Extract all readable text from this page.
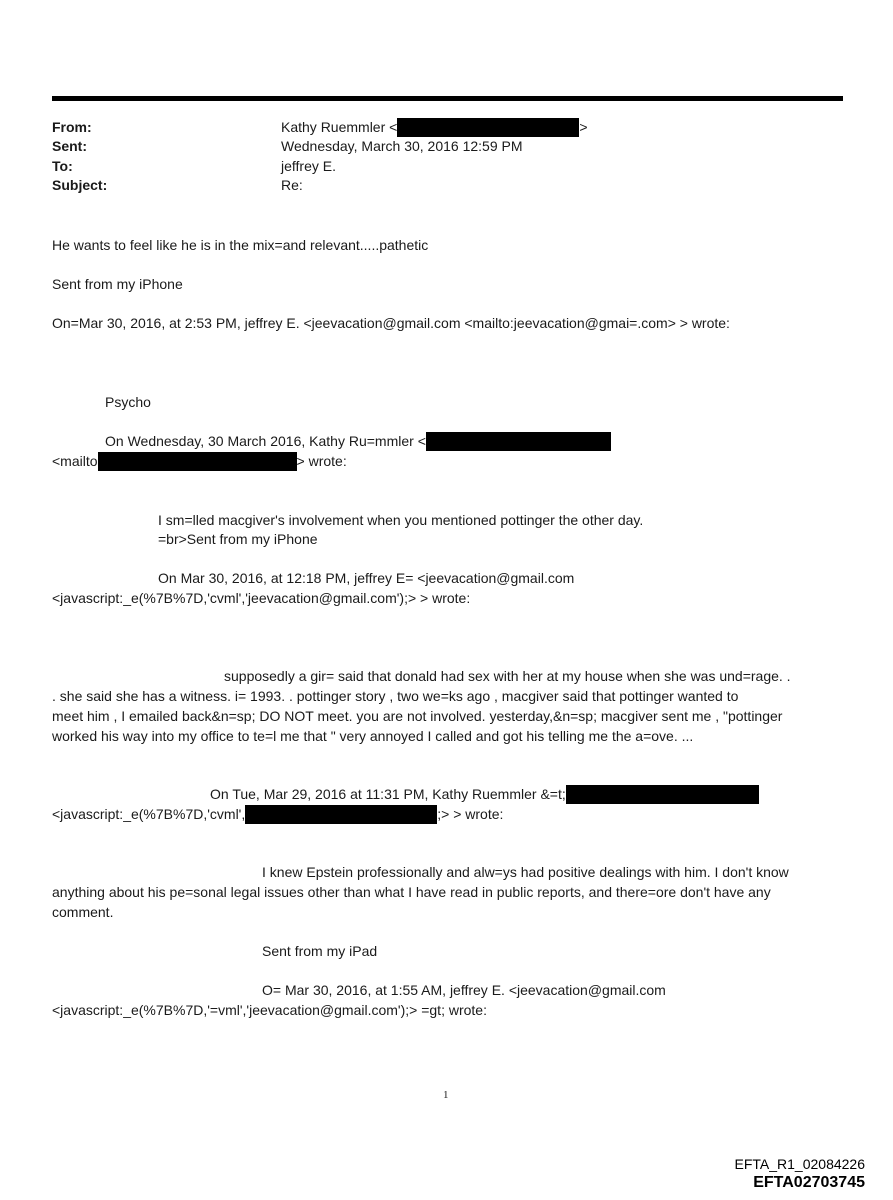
From:	Kathy Ruemmler <	>
Sent:	Wednesday, March 30, 2016 12:59 PM
To:	jeffrey E.
Subject:	Re:
He wants to feel like he is in the mix=and relevant.....pathetic
Sent from my iPhone
On=Mar 30, 2016, at 2:53 PM, jeffrey E. <jeevacation@gmail.com <mailto:jeevacation@gmai=.com> > wrote:
Psycho
On Wednesday, 30 March 2016, Kathy Ru=mmler <
<mailto	> wrote:
I sm=lled macgiver's involvement when you mentioned pottinger the other day.
=br>Sent from my iPhone
On Mar 30, 2016, at 12:18 PM, jeffrey E= <jeevacation@gmail.com
<javascript:_e(%7B%7D,'cvml','jeevacation@gmail.com');> > wrote:
supposedly a gir= said that donald had sex with her at my house when she was und=rage. .
. she said she has a witness. i= 1993. . pottinger story , two we=ks ago , macgiver said that pottinger wanted to
meet him , I emailed back&n=sp; DO NOT meet. you are not involved. yesterday,&n=sp; macgiver sent me , "pottinger
worked his way into my office to te=l me that " very annoyed I called and got his telling me the a=ove. ...
On Tue, Mar 29, 2016 at 11:31 PM, Kathy Ruemmler &=t;
<javascript:_e(%7B%7D,'cvml',	;> > wrote:
I knew Epstein professionally and alw=ys had positive dealings with him. I don't know
anything about his pe=sonal legal issues other than what I have read in public reports, and there=ore don't have any
comment.
Sent from my iPad
O= Mar 30, 2016, at 1:55 AM, jeffrey E. <jeevacation@gmail.com
<javascript:_e(%7B%7D,'=vml','jeevacation@gmail.com');> =gt; wrote:
1
EFTA_R1_02084226
EFTA02703745
